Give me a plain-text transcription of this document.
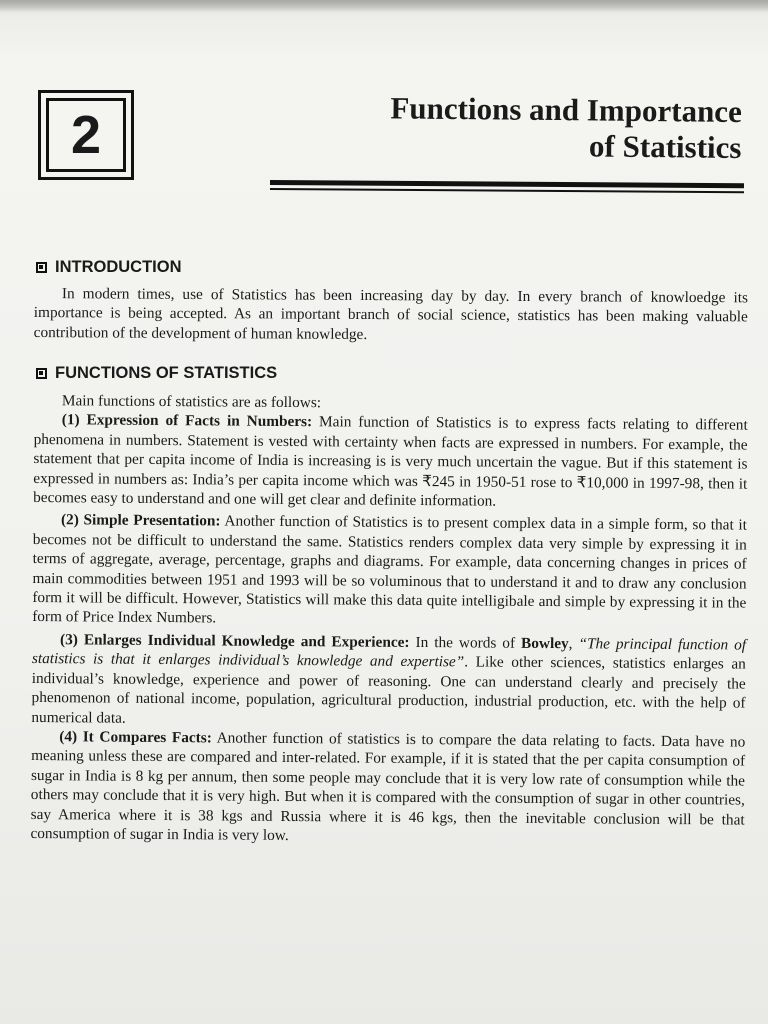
2	Functions and Importance
of Statistics
INTRODUCTION

In modern times, use of Statistics has been increasing day by day. In every branch of knowloedge its importance is being accepted. As an important branch of social science, statistics has been making valuable contribution of the development of human knowledge.

FUNCTIONS OF STATISTICS

Main functions of statistics are as follows:

(1) Expression of Facts in Numbers: Main function of Statistics is to express facts relating to different phenomena in numbers. Statement is vested with certainty when facts are expressed in numbers. For example, the statement that per capita income of India is increasing is is very much uncertain the vague. But if this statement is expressed in numbers as: India’s per capita income which was ₹245 in 1950-51 rose to ₹10,000 in 1997-98, then it becomes easy to understand and one will get clear and definite information.

(2) Simple Presentation: Another function of Statistics is to present complex data in a simple form, so that it becomes not be difficult to understand the same. Statistics renders complex data very simple by expressing it in terms of aggregate, average, percentage, graphs and diagrams. For example, data concerning changes in prices of main commodities between 1951 and 1993 will be so voluminous that to understand it and to draw any conclusion form it will be difficult. However, Statistics will make this data quite intelligibale and simple by expressing it in the form of Price Index Numbers.

(3) Enlarges Individual Knowledge and Experience: In the words of Bowley, “The principal function of statistics is that it enlarges individual’s knowledge and expertise”. Like other sciences, statistics enlarges an individual’s knowledge, experience and power of reasoning. One can understand clearly and precisely the phenomenon of national income, population, agricultural production, industrial production, etc. with the help of numerical data.

(4) It Compares Facts: Another function of statistics is to compare the data relating to facts. Data have no meaning unless these are compared and inter-related. For example, if it is stated that the per capita consumption of sugar in India is 8 kg per annum, then some people may conclude that it is very low rate of consumption while the others may conclude that it is very high. But when it is compared with the consumption of sugar in other countries, say America where it is 38 kgs and Russia where it is 46 kgs, then the inevitable conclusion will be that consumption of sugar in India is very low.
